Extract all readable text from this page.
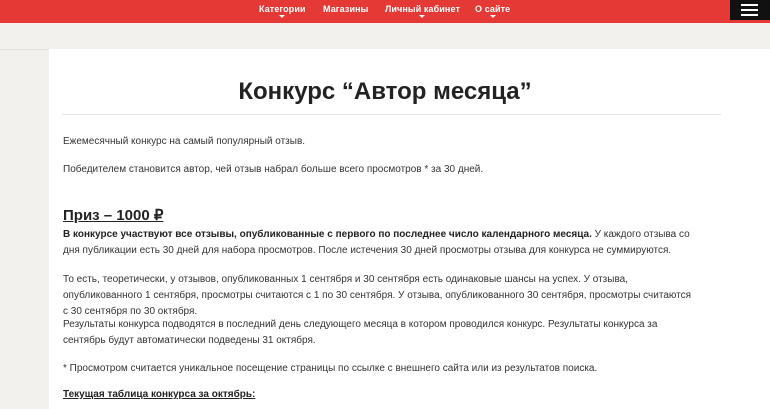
Категории Магазины Личный кабинет О сайте
Конкурс “Автор месяца”

Ежемесячный конкурс на самый популярный отзыв.

Победителем становится автор, чей отзыв набрал больше всего просмотров * за 30 дней.

Приз – 1000 ₽

В конкурсе участвуют все отзывы, опубликованные с первого по последнее число календарного месяца. У каждого отзыва со дня публикации есть 30 дней для набора просмотров. После истечения 30 дней просмотры отзыва для конкурса не суммируются.

То есть, теоретически, у отзывов, опубликованных 1 сентября и 30 сентября есть одинаковые шансы на успех. У отзыва, опубликованного 1 сентября, просмотры считаются с 1 по 30 сентября. У отзыва, опубликованного 30 сентября, просмотры считаются с 30 сентября по 30 октября.

Результаты конкурса подводятся в последний день следующего месяца в котором проводился конкурс. Результаты конкурса за сентябрь будут автоматически подведены 31 октября.

* Просмотром считается уникальное посещение страницы по ссылке с внешнего сайта или из результатов поиска.

Текущая таблица конкурса за октябрь:
